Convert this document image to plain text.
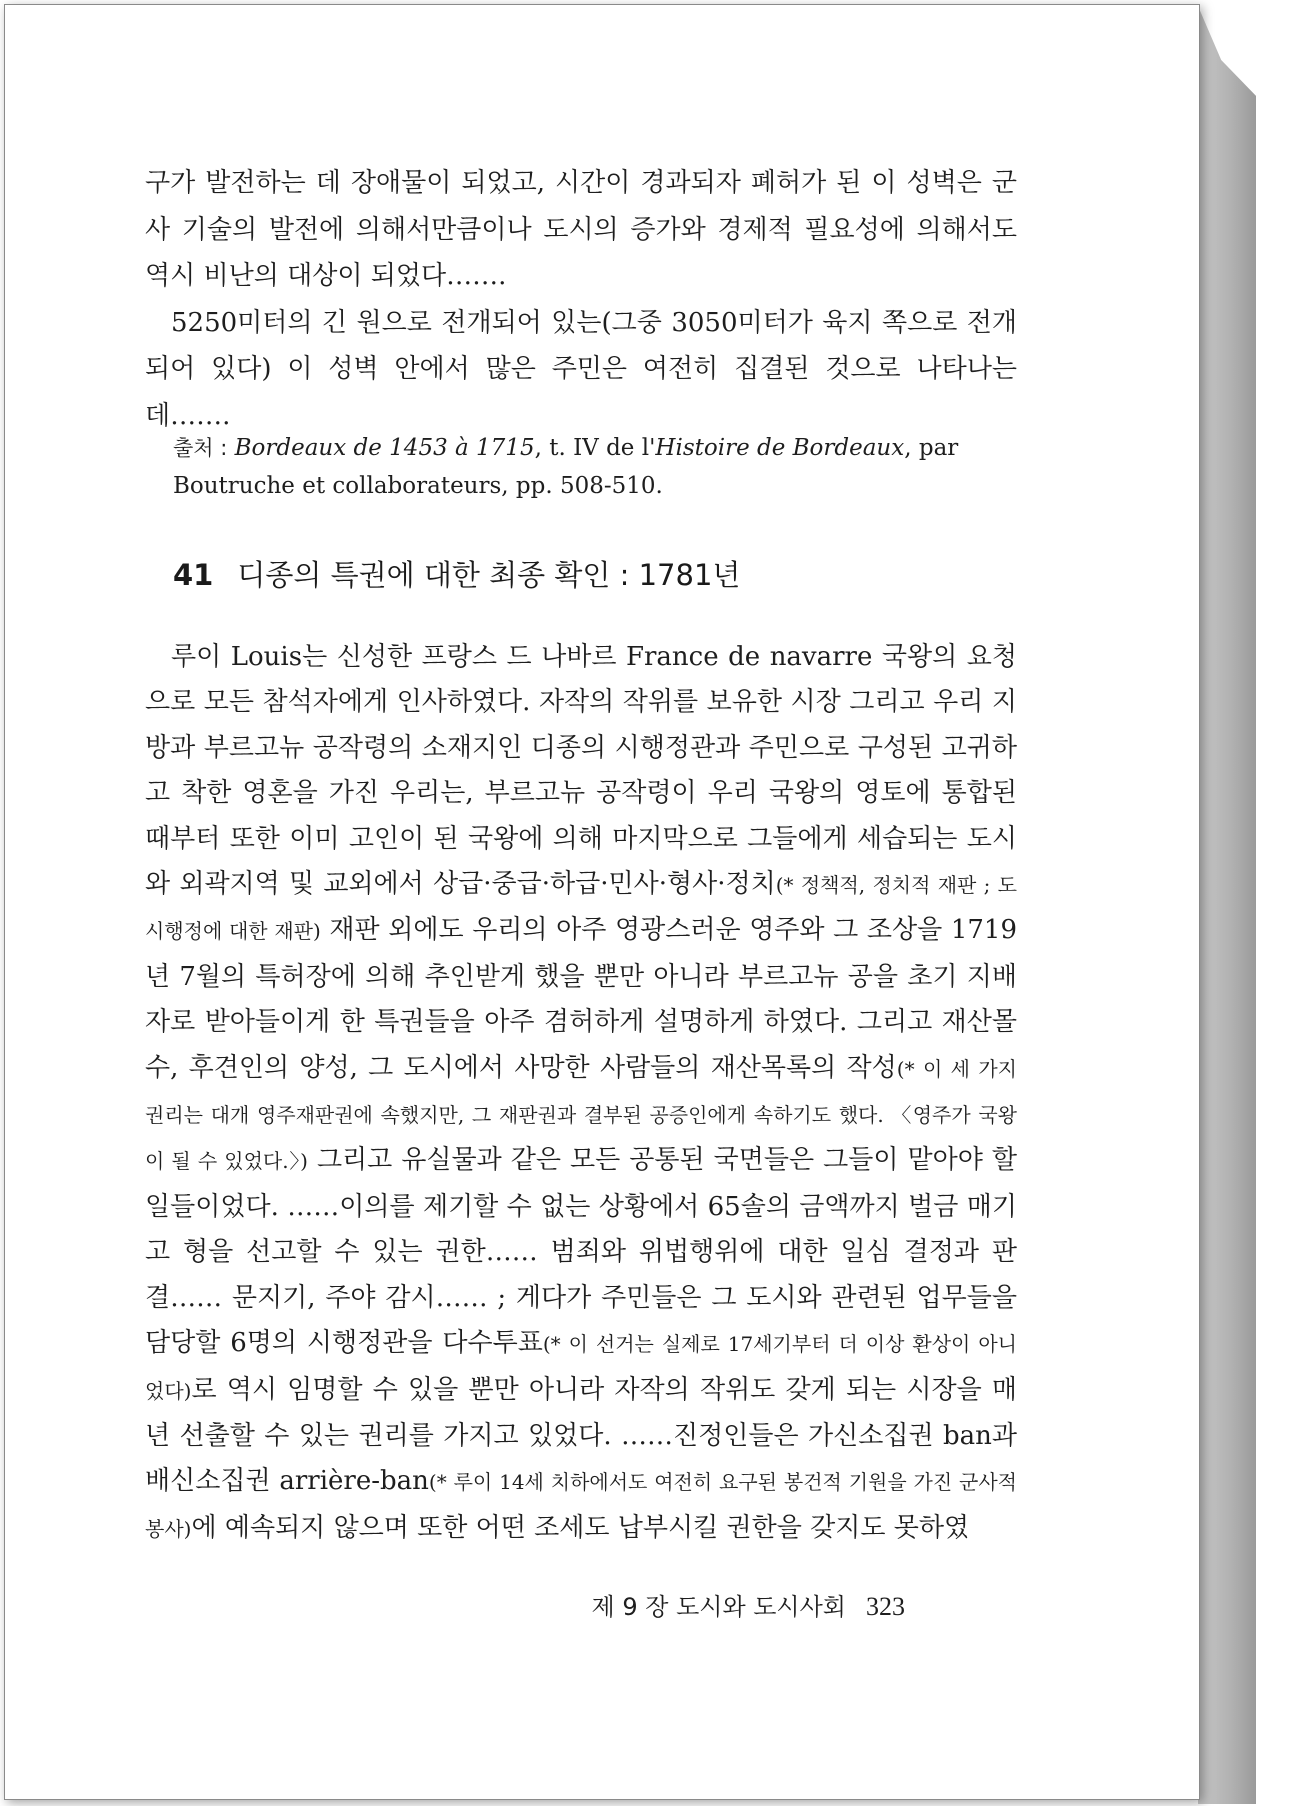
구가 발전하는 데 장애물이 되었고, 시간이 경과되자 폐허가 된 이 성벽은 군사 기술의 발전에 의해서만큼이나 도시의 증가와 경제적 필요성에 의해서도 역시 비난의 대상이 되었다…….

5250미터의 긴 원으로 전개되어 있는(그중 3050미터가 육지 쪽으로 전개되어 있다) 이 성벽 안에서 많은 주민은 여전히 집결된 것으로 나타나는데…….

출처 : Bordeaux de 1453 à 1715, t. IV de l'Histoire de Bordeaux, par Boutruche et collaborateurs, pp. 508-510.

41 디종의 특권에 대한 최종 확인 : 1781년

루이 Louis는 신성한 프랑스 드 나바르 France de navarre 국왕의 요청으로 모든 참석자에게 인사하였다. 자작의 작위를 보유한 시장 그리고 우리 지방과 부르고뉴 공작령의 소재지인 디종의 시행정관과 주민으로 구성된 고귀하고 착한 영혼을 가진 우리는, 부르고뉴 공작령이 우리 국왕의 영토에 통합된 때부터 또한 이미 고인이 된 국왕에 의해 마지막으로 그들에게 세습되는 도시와 외곽지역 및 교외에서 상급·중급·하급·민사·형사·정치(* 정책적, 정치적 재판 ; 도시행정에 대한 재판) 재판 외에도 우리의 아주 영광스러운 영주와 그 조상을 1719년 7월의 특허장에 의해 추인받게 했을 뿐만 아니라 부르고뉴 공을 초기 지배자로 받아들이게 한 특권들을 아주 겸허하게 설명하게 하였다. 그리고 재산몰수, 후견인의 양성, 그 도시에서 사망한 사람들의 재산목록의 작성(* 이 세 가지 권리는 대개 영주재판권에 속했지만, 그 재판권과 결부된 공증인에게 속하기도 했다. 〈영주가 국왕이 될 수 있었다.〉) 그리고 유실물과 같은 모든 공통된 국면들은 그들이 맡아야 할 일들이었다. ……이의를 제기할 수 없는 상황에서 65솔의 금액까지 벌금 매기고 형을 선고할 수 있는 권한…… 범죄와 위법행위에 대한 일심 결정과 판결…… 문지기, 주야 감시…… ; 게다가 주민들은 그 도시와 관련된 업무들을 담당할 6명의 시행정관을 다수투표(* 이 선거는 실제로 17세기부터 더 이상 환상이 아니었다)로 역시 임명할 수 있을 뿐만 아니라 자작의 작위도 갖게 되는 시장을 매년 선출할 수 있는 권리를 가지고 있었다. ……진정인들은 가신소집권 ban과 배신소집권 arrière-ban(* 루이 14세 치하에서도 여전히 요구된 봉건적 기원을 가진 군사적 봉사)에 예속되지 않으며 또한 어떤 조세도 납부시킬 권한을 갖지도 못하였

제 9 장 도시와 도시사회 323
